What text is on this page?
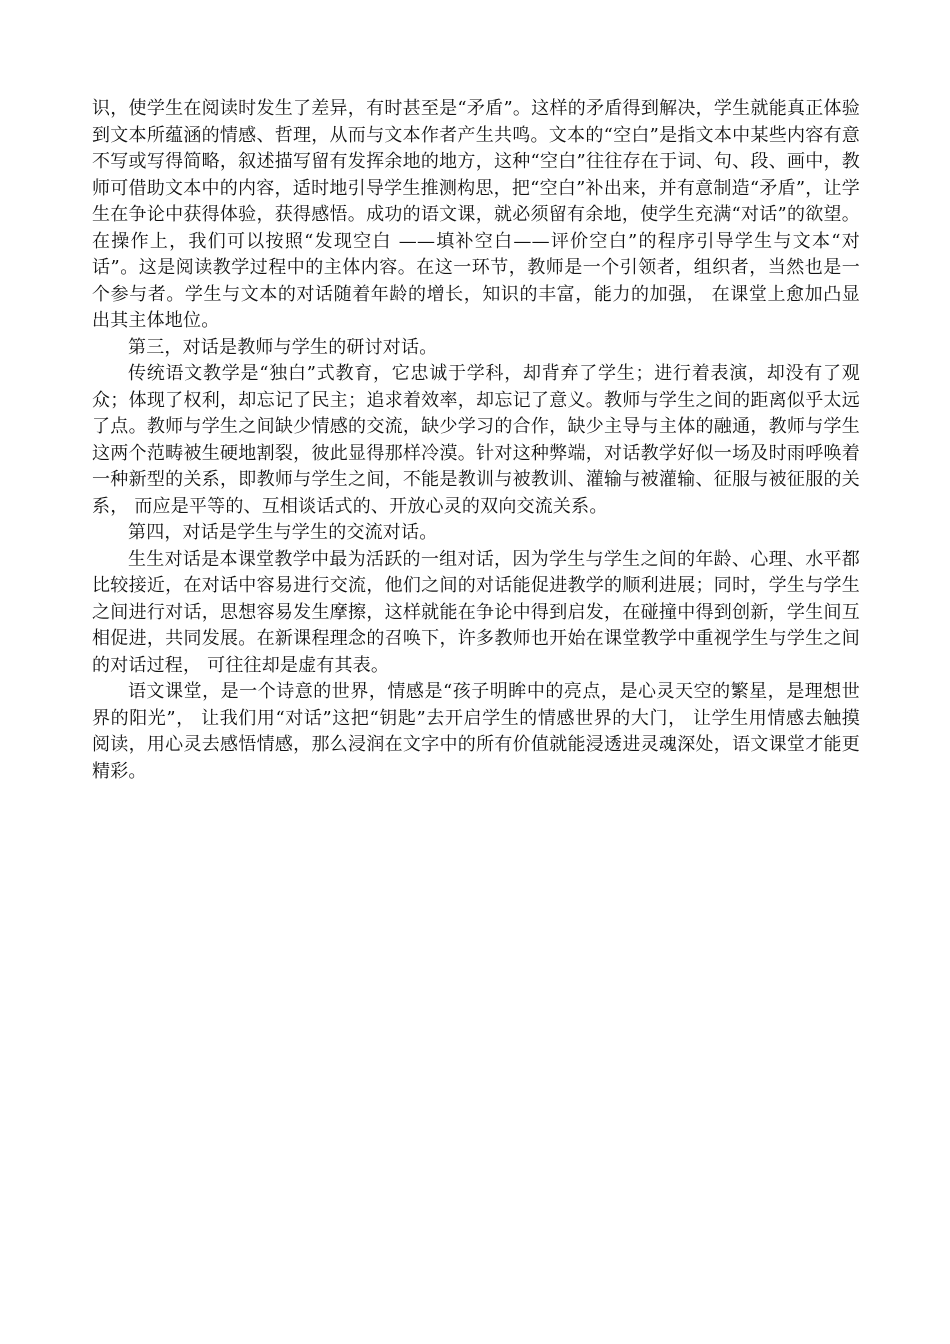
识，使学生在阅读时发生了差异，有时甚至是“矛盾”。这样的矛盾得到解决，学生就能真正体验到文本所蕴涵的情感、哲理，从而与文本作者产生共鸣。文本的“空白”是指文本中某些内容有意不写或写得简略，叙述描写留有发挥余地的地方，这种“空白”往往存在于词、句、段、画中，教师可借助文本中的内容，适时地引导学生推测构思，把“空白”补出来，并有意制造“矛盾”，让学生在争论中获得体验，获得感悟。成功的语文课，就必须留有余地，使学生充满“对话”的欲望。在操作上，我们可以按照“发现空白 ——填补空白——评价空白”的程序引导学生与文本“对话”。这是阅读教学过程中的主体内容。在这一环节，教师是一个引领者，组织者，当然也是一个参与者。学生与文本的对话随着年龄的增长，知识的丰富，能力的加强， 在课堂上愈加凸显出其主体地位。

第三，对话是教师与学生的研讨对话。

传统语文教学是“独白”式教育，它忠诚于学科，却背弃了学生；进行着表演，却没有了观众；体现了权利，却忘记了民主；追求着效率，却忘记了意义。教师与学生之间的距离似乎太远了点。教师与学生之间缺少情感的交流，缺少学习的合作，缺少主导与主体的融通，教师与学生这两个范畴被生硬地割裂，彼此显得那样冷漠。针对这种弊端，对话教学好似一场及时雨呼唤着一种新型的关系，即教师与学生之间，不能是教训与被教训、灌输与被灌输、征服与被征服的关系， 而应是平等的、互相谈话式的、开放心灵的双向交流关系。

第四，对话是学生与学生的交流对话。

生生对话是本课堂教学中最为活跃的一组对话，因为学生与学生之间的年龄、心理、水平都比较接近，在对话中容易进行交流，他们之间的对话能促进教学的顺利进展；同时，学生与学生之间进行对话，思想容易发生摩擦，这样就能在争论中得到启发，在碰撞中得到创新，学生间互相促进，共同发展。在新课程理念的召唤下，许多教师也开始在课堂教学中重视学生与学生之间的对话过程， 可往往却是虚有其表。

语文课堂，是一个诗意的世界，情感是“孩子明眸中的亮点，是心灵天空的繁星，是理想世界的阳光”， 让我们用“对话”这把“钥匙”去开启学生的情感世界的大门， 让学生用情感去触摸阅读，用心灵去感悟情感，那么浸润在文字中的所有价值就能浸透进灵魂深处，语文课堂才能更精彩。
